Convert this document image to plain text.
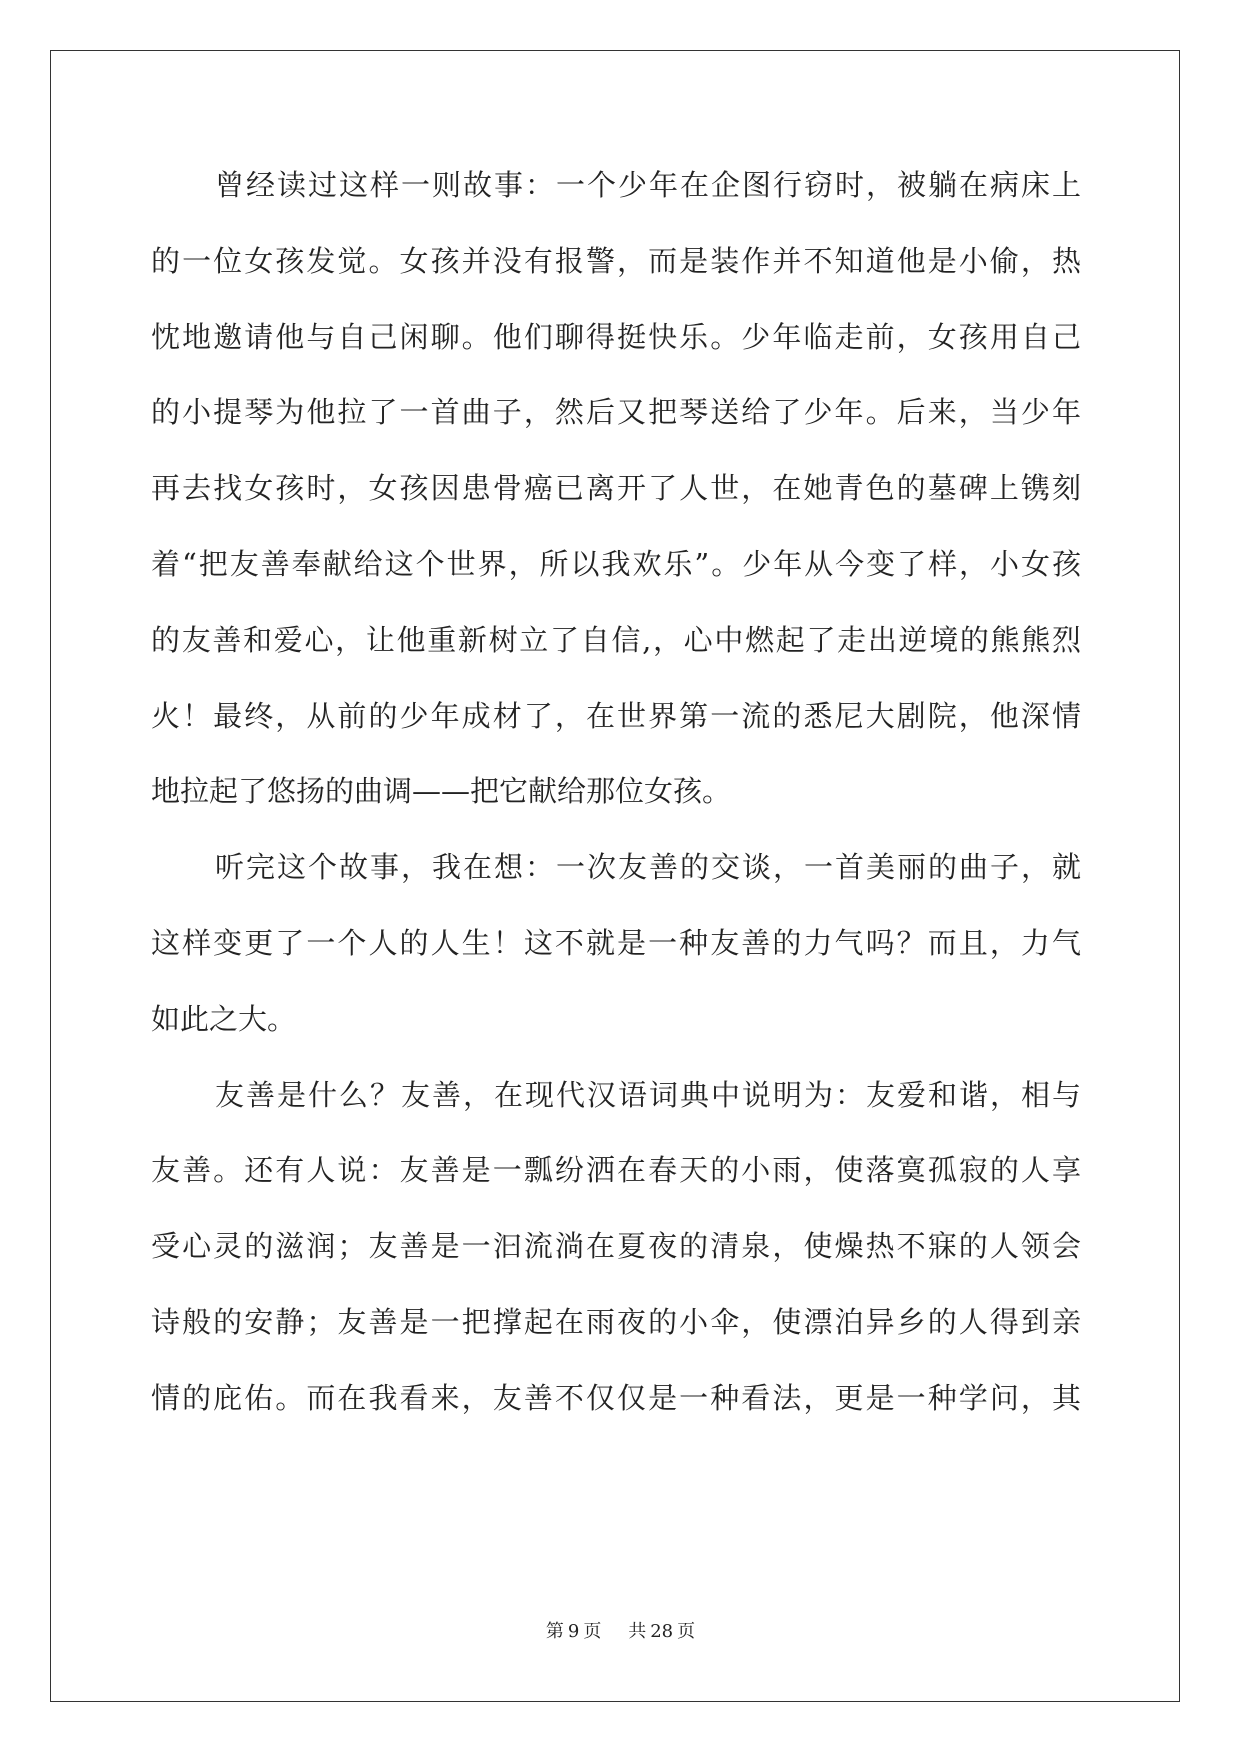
曾经读过这样一则故事：一个少年在企图行窃时，被躺在病床上
的一位女孩发觉。女孩并没有报警，而是装作并不知道他是小偷，热
忱地邀请他与自己闲聊。他们聊得挺快乐。少年临走前，女孩用自己
的小提琴为他拉了一首曲子，然后又把琴送给了少年。后来，当少年
再去找女孩时，女孩因患骨癌已离开了人世，在她青色的墓碑上镌刻
着“把友善奉献给这个世界，所以我欢乐”。少年从今变了样，小女孩
的友善和爱心，让他重新树立了自信,，心中燃起了走出逆境的熊熊烈
火！最终，从前的少年成材了，在世界第一流的悉尼大剧院，他深情
地拉起了悠扬的曲调——把它献给那位女孩。
听完这个故事，我在想：一次友善的交谈，一首美丽的曲子，就
这样变更了一个人的人生！这不就是一种友善的力气吗？而且，力气
如此之大。
友善是什么？友善，在现代汉语词典中说明为：友爱和谐，相与
友善。还有人说：友善是一瓢纷洒在春天的小雨，使落寞孤寂的人享
受心灵的滋润；友善是一汩流淌在夏夜的清泉，使燥热不寐的人领会
诗般的安静；友善是一把撑起在雨夜的小伞，使漂泊异乡的人得到亲
情的庇佑。而在我看来，友善不仅仅是一种看法，更是一种学问，其
第 9 页 共 28 页
